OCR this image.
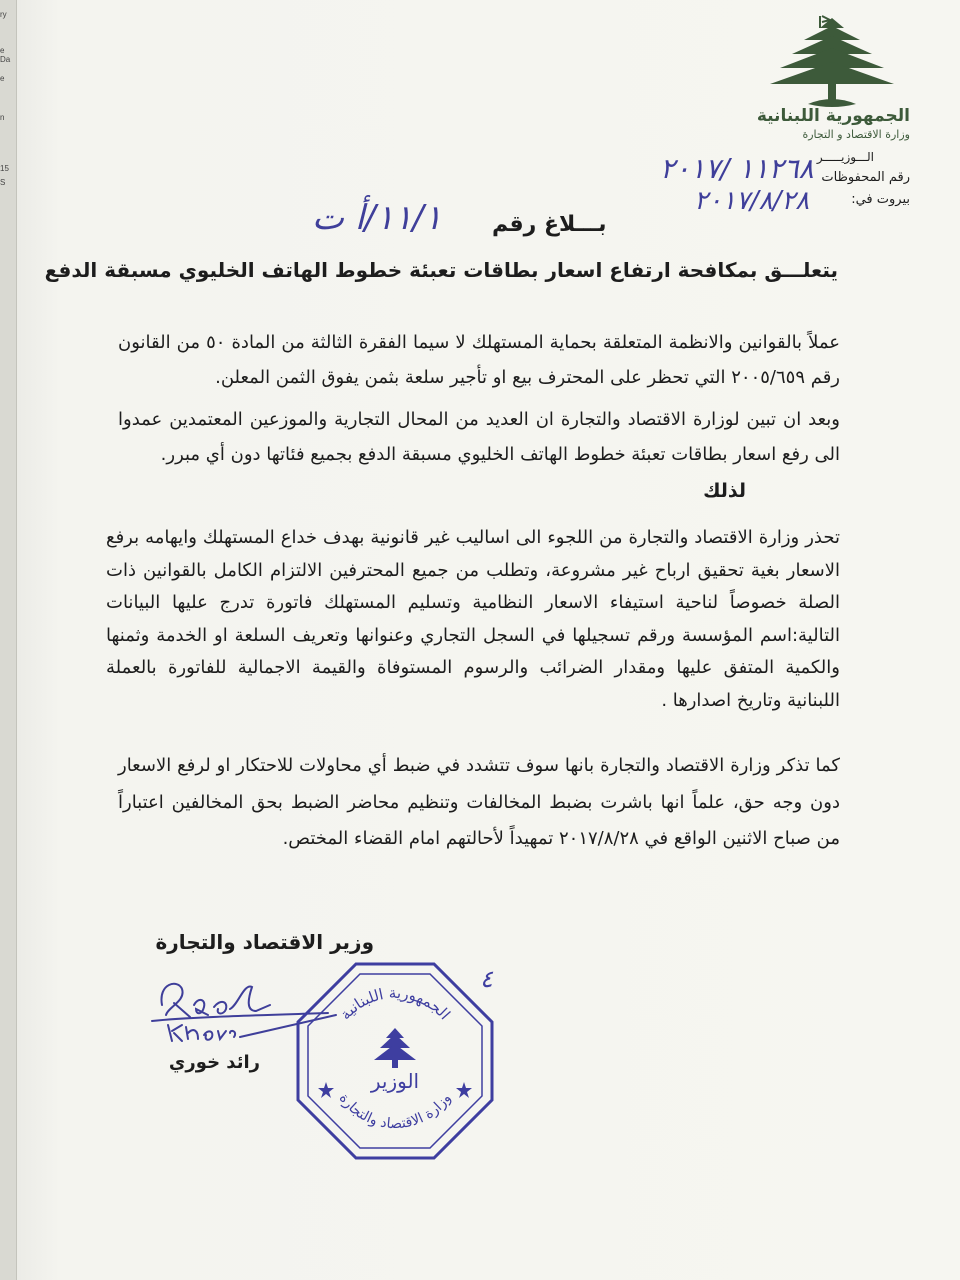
ry
e Da
e
n
15
S
الجمهورية اللبنانية
وزارة الاقتصاد و التجارة
الـــوزيـــــر
رقم المحفوظات
بيروت في:
١١٢٦٨ /٢٠١٧
٢٠١٧/٨/٢٨
بـــلاغ رقم
١١/١/أ ت
يتعلـــق بمكافحة ارتفاع اسعار بطاقات تعبئة خطوط الهاتف الخليوي مسبقة الدفع
عملاً بالقوانين والانظمة المتعلقة بحماية المستهلك لا سيما الفقرة الثالثة من المادة ٥٠ من القانون رقم ٢٠٠٥/٦٥٩ التي تحظر على المحترف بيع او تأجير سلعة بثمن يفوق الثمن المعلن.
وبعد ان تبين لوزارة الاقتصاد والتجارة ان العديد من المحال التجارية والموزعين المعتمدين عمدوا الى رفع اسعار بطاقات تعبئة خطوط الهاتف الخليوي مسبقة الدفع بجميع فئاتها دون أي مبرر.
لذلك
تحذر وزارة الاقتصاد والتجارة من اللجوء الى اساليب غير قانونية بهدف خداع المستهلك وايهامه برفع الاسعار بغية تحقيق ارباح غير مشروعة، وتطلب من جميع المحترفين الالتزام الكامل بالقوانين ذات الصلة خصوصاً لناحية استيفاء الاسعار النظامية وتسليم المستهلك فاتورة تدرج عليها البيانات التالية:اسم المؤسسة ورقم تسجيلها في السجل التجاري وعنوانها وتعريف السلعة او الخدمة وثمنها والكمية المتفق عليها ومقدار الضرائب والرسوم المستوفاة والقيمة الاجمالية للفاتورة بالعملة اللبنانية وتاريخ اصدارها .
كما تذكر وزارة الاقتصاد والتجارة بانها سوف تتشدد في ضبط أي محاولات للاحتكار او لرفع الاسعار دون وجه حق، علماً انها باشرت بضبط المخالفات وتنظيم محاضر الضبط بحق المخالفين اعتباراً من صباح الاثنين الواقع في ٢٠١٧/٨/٢٨ تمهيداً لأحالتهم امام القضاء المختص.
وزير الاقتصاد والتجارة
رائد خوري
الجمهورية اللبنانية
الوزير
وزارة الاقتصاد والتجارة
٤
